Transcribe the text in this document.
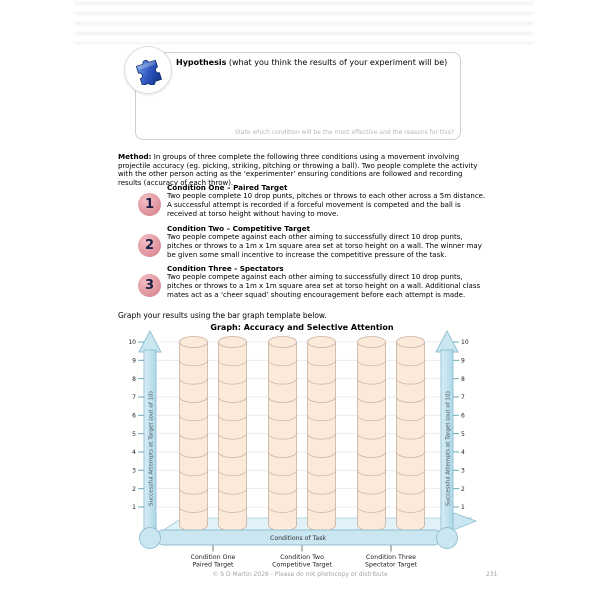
Hypothesis (what you think the results of your experiment will be)
State which condition will be the most effective and the reasons for this?

Method: In groups of three complete the following three conditions using a movement involving projectile accuracy (eg. picking, striking, pitching or throwing a ball). Two people complete the activity with the other person acting as the ‘experimenter’ ensuring conditions are followed and recording results (accuracy of each throw).

1
Condition One – Paired Target
Two people complete 10 drop punts, pitches or throws to each other across a 5m distance. A successful attempt is recorded if a forceful movement is competed and the ball is received at torso height without having to move.
2
Condition Two – Competitive Target
Two people compete against each other aiming to successfully direct 10 drop punts, pitches or throws to a 1m x 1m square area set at torso height on a wall. The winner may be given some small incentive to increase the competitive pressure of the task.
3
Condition Three - Spectators
Two people compete against each other aiming to successfully direct 10 drop punts, pitches or throws to a 1m x 1m square area set at torso height on a wall. Additional class mates act as a ‘cheer squad’ shouting encouragement before each attempt is made.

Graph your results using the bar graph template below.

1	1
2	2
3	3
4	4
5	5
6	6
7	7
8	8
9	9
10	10
Condition One Paired Target
Condition Two Competitive Target
Condition Three Spectator Target
Graph: Accuracy and Selective Attention
Conditions of Task
Successful Attempts at Target (out of 10)	Successful Attempts at Target (out of 10)
© S D Martin 2026 - Please do not photocopy or distribute	231
